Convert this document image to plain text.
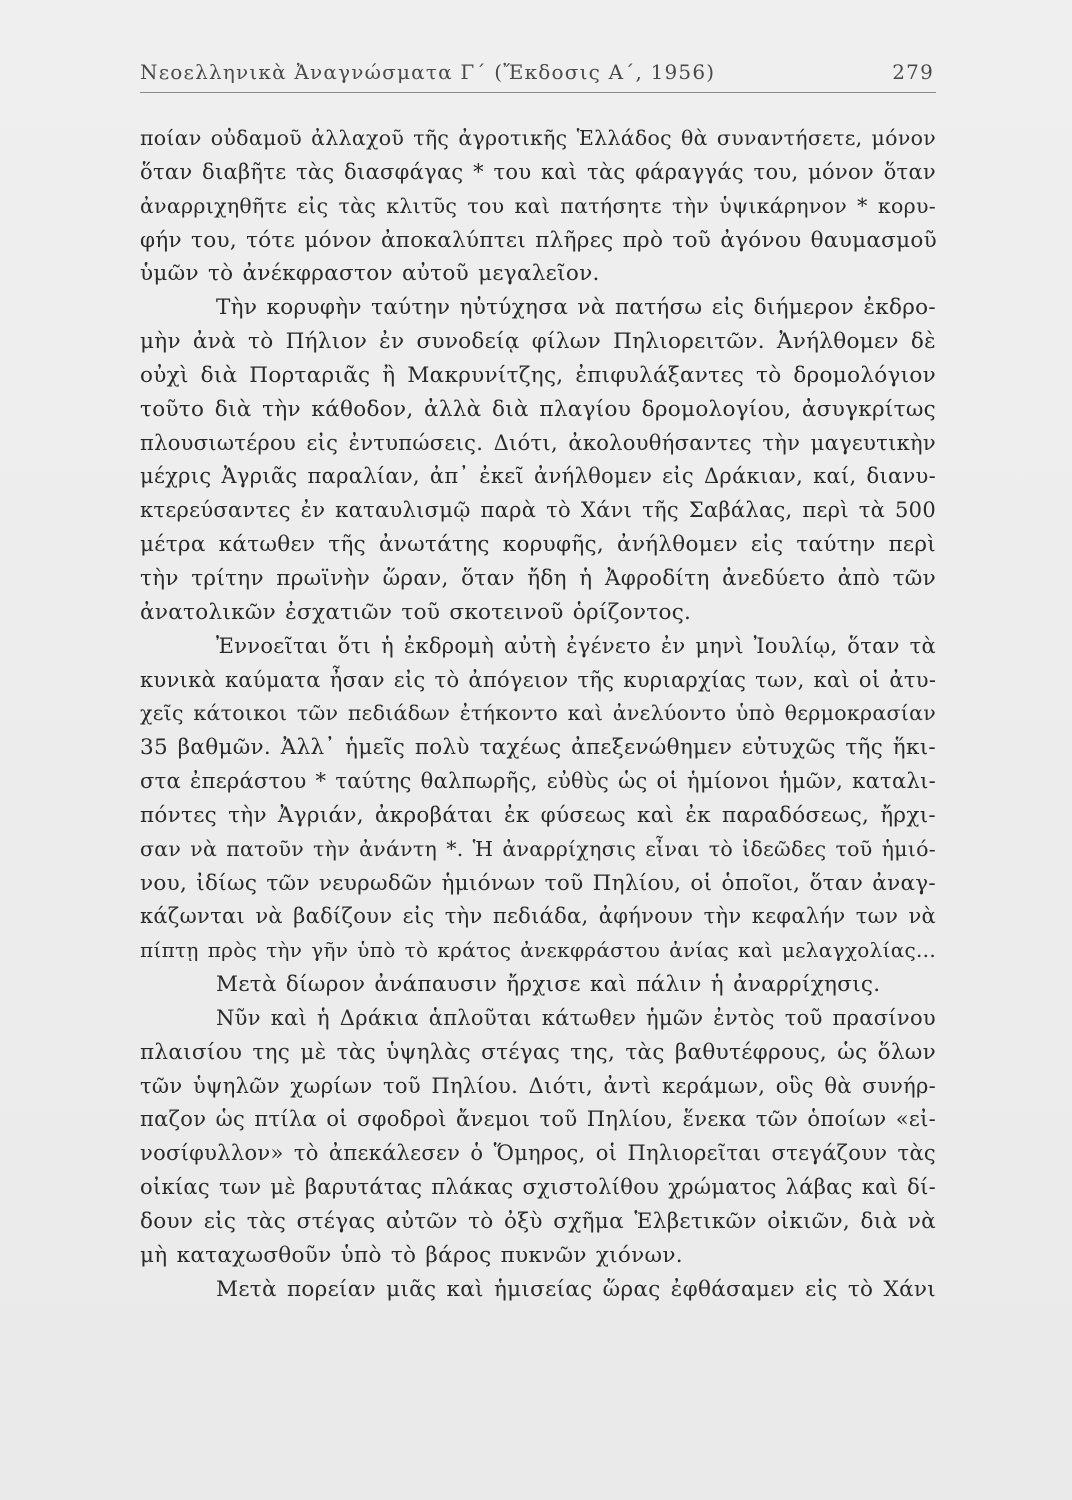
Νεοελληνικὰ Ἀναγνώσματα Γ΄ (Ἔκδοσις Α΄, 1956)	279
ποίαν οὐδαμοῦ ἀλλαχοῦ τῆς ἀγροτικῆς Ἑλλάδος θὰ συναντήσετε, μόνον
ὅταν διαβῆτε τὰς διασφάγας * του καὶ τὰς φάραγγάς του, μόνον ὅταν
ἀναρριχηθῆτε εἰς τὰς κλιτῦς του καὶ πατήσητε τὴν ὑψικάρηνον * κορυ-
φήν του, τότε μόνον ἀποκαλύπτει πλῆρες πρὸ τοῦ ἀγόνου θαυμασμοῦ
ὑμῶν τὸ ἀνέκφραστον αὐτοῦ μεγαλεῖον.
Τὴν κορυφὴν ταύτην ηὐτύχησα νὰ πατήσω εἰς διήμερον ἐκδρο-
μὴν ἀνὰ τὸ Πήλιον ἐν συνοδείᾳ φίλων Πηλιορειτῶν. Ἀνήλθομεν δὲ
οὐχὶ διὰ Πορταριᾶς ἢ Μακρυνίτζης, ἐπιφυλάξαντες τὸ δρομολόγιον
τοῦτο διὰ τὴν κάθοδον, ἀλλὰ διὰ πλαγίου δρομολογίου, ἀσυγκρίτως
πλουσιωτέρου εἰς ἐντυπώσεις. Διότι, ἀκολουθήσαντες τὴν μαγευτικὴν
μέχρις Ἀγριᾶς παραλίαν, ἀπ᾿ ἐκεῖ ἀνήλθομεν εἰς Δράκιαν, καί, διανυ-
κτερεύσαντες ἐν καταυλισμῷ παρὰ τὸ Χάνι τῆς Σαβάλας, περὶ τὰ 500
μέτρα κάτωθεν τῆς ἀνωτάτης κορυφῆς, ἀνήλθομεν εἰς ταύτην περὶ
τὴν τρίτην πρωϊνὴν ὥραν, ὅταν ἤδη ἡ Ἀφροδίτη ἀνεδύετο ἀπὸ τῶν
ἀνατολικῶν ἐσχατιῶν τοῦ σκοτεινοῦ ὁρίζοντος.
Ἐννοεῖται ὅτι ἡ ἐκδρομὴ αὐτὴ ἐγένετο ἐν μηνὶ Ἰουλίῳ, ὅταν τὰ
κυνικὰ καύματα ἦσαν εἰς τὸ ἀπόγειον τῆς κυριαρχίας των, καὶ οἱ ἀτυ-
χεῖς κάτοικοι τῶν πεδιάδων ἐτήκοντο καὶ ἀνελύοντο ὑπὸ θερμοκρασίαν
35 βαθμῶν. Ἀλλ᾿ ἡμεῖς πολὺ ταχέως ἀπεξενώθημεν εὐτυχῶς τῆς ἥκι-
στα ἐπεράστου * ταύτης θαλπωρῆς, εὐθὺς ὡς οἱ ἡμίονοι ἡμῶν, καταλι-
πόντες τὴν Ἀγριάν, ἀκροβάται ἐκ φύσεως καὶ ἐκ παραδόσεως, ἤρχι-
σαν νὰ πατοῦν τὴν ἀνάντη *. Ἡ ἀναρρίχησις εἶναι τὸ ἰδεῶδες τοῦ ἡμιό-
νου, ἰδίως τῶν νευρωδῶν ἡμιόνων τοῦ Πηλίου, οἱ ὁποῖοι, ὅταν ἀναγ-
κάζωνται νὰ βαδίζουν εἰς τὴν πεδιάδα, ἀφήνουν τὴν κεφαλήν των νὰ
πίπτῃ πρὸς τὴν γῆν ὑπὸ τὸ κράτος ἀνεκφράστου ἀνίας καὶ μελαγχολίας...
Μετὰ δίωρον ἀνάπαυσιν ἤρχισε καὶ πάλιν ἡ ἀναρρίχησις.
Νῦν καὶ ἡ Δράκια ἁπλοῦται κάτωθεν ἡμῶν ἐντὸς τοῦ πρασίνου
πλαισίου της μὲ τὰς ὑψηλὰς στέγας της, τὰς βαθυτέφρους, ὡς ὅλων
τῶν ὑψηλῶν χωρίων τοῦ Πηλίου. Διότι, ἀντὶ κεράμων, οὓς θὰ συνήρ-
παζον ὡς πτίλα οἱ σφοδροὶ ἄνεμοι τοῦ Πηλίου, ἕνεκα τῶν ὁποίων «εἰ-
νοσίφυλλον» τὸ ἀπεκάλεσεν ὁ Ὅμηρος, οἱ Πηλιορεῖται στεγάζουν τὰς
οἰκίας των μὲ βαρυτάτας πλάκας σχιστολίθου χρώματος λάβας καὶ δί-
δουν εἰς τὰς στέγας αὐτῶν τὸ ὀξὺ σχῆμα Ἑλβετικῶν οἰκιῶν, διὰ νὰ
μὴ καταχωσθοῦν ὑπὸ τὸ βάρος πυκνῶν χιόνων.
Μετὰ πορείαν μιᾶς καὶ ἡμισείας ὥρας ἐφθάσαμεν εἰς τὸ Χάνι
